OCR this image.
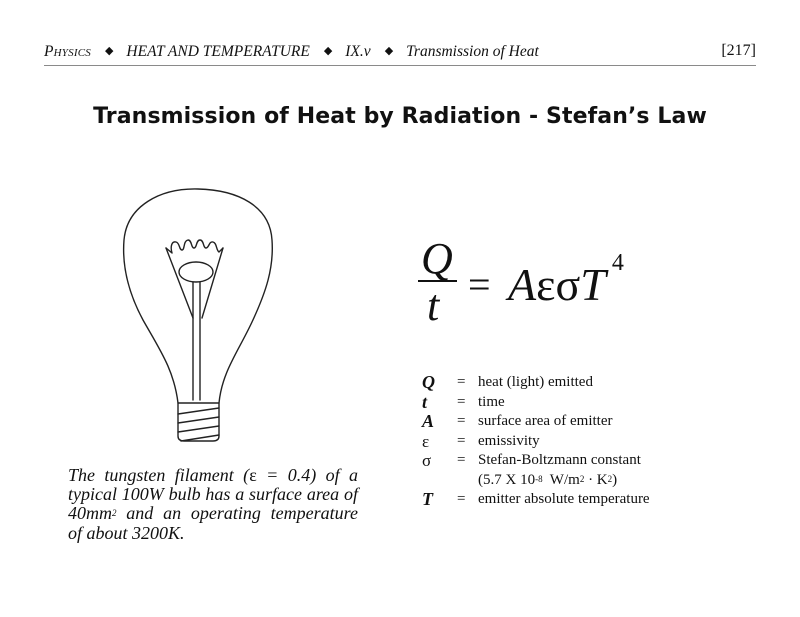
Physics ◆ HEAT AND TEMPERATURE ◆ IX.v ◆ Transmission of Heat	[217]
Transmission of Heat by Radiation - Stefan’s Law
Q
t = AεσT $^4$
Q	= heat (light) emitted
t	= time
A	= surface area of emitter
ε	= emissivity
σ	= Stefan-Boltzmann constant
(5.7 X $10^{-8}$  $W/m^2 \cdot K^2$)
T	= emitter absolute temperature
The tungsten filament (ε = 0.4) of a
typical 100W bulb has a surface area of
$40mm^2$ and an operating temperature
of about 3200K.
